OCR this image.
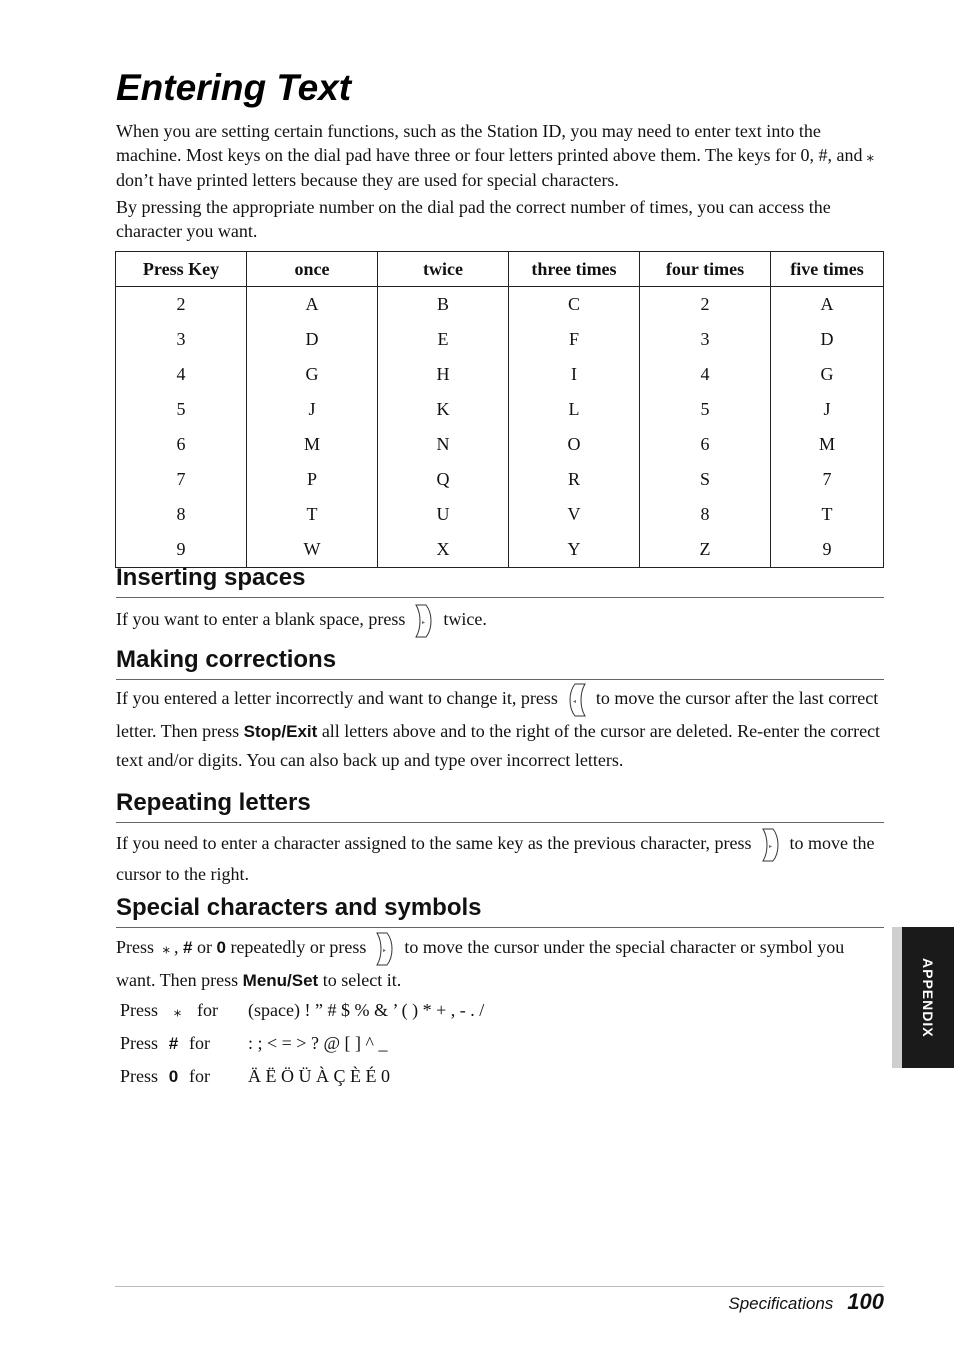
Entering Text

When you are setting certain functions, such as the Station ID, you may need to enter text into the machine. Most keys on the dial pad have three or four letters printed above them. The keys for 0, #, and ⁎don’t have printed letters because they are used for special characters.

By pressing the appropriate number on the dial pad the correct number of times, you can access the character you want.

Press Key	once	twice	three times	four times	five times
2	A	B	C	2	A
3	D	E	F	3	D
4	G	H	I	4	G
5	J	K	L	5	J
6	M	N	O	6	M
7	P	Q	R	S	7
8	T	U	V	8	T
9	W	X	Y	Z	9
Inserting spaces

If you want to enter a blank space, press	▸ twice.

Making corrections

If you entered a letter incorrectly and want to change it, press	◂ to move the cursor after the last correct letter. Then press Stop/Exit all letters above and to the right of the cursor are deleted. Re-enter the correct text and/or digits. You can also back up and type over incorrect letters.

Repeating letters

If you need to enter a character assigned to the same key as the previous character, press	▸ to move the cursor to the right.

Special characters and symbols

Press ⁎ , # or 0 repeatedly or press	▸ to move the cursor under the special character or symbol you want. Then press Menu/Set to select it.

Press ⁎ for (space) ! ” # $ % & ’ ( ) * + , - . /
Press # for : ; < = > ? @ [ ] ^ _
Press 0 for Ä Ë Ö Ü À Ç È É 0
APPENDIX
Specifications 100
